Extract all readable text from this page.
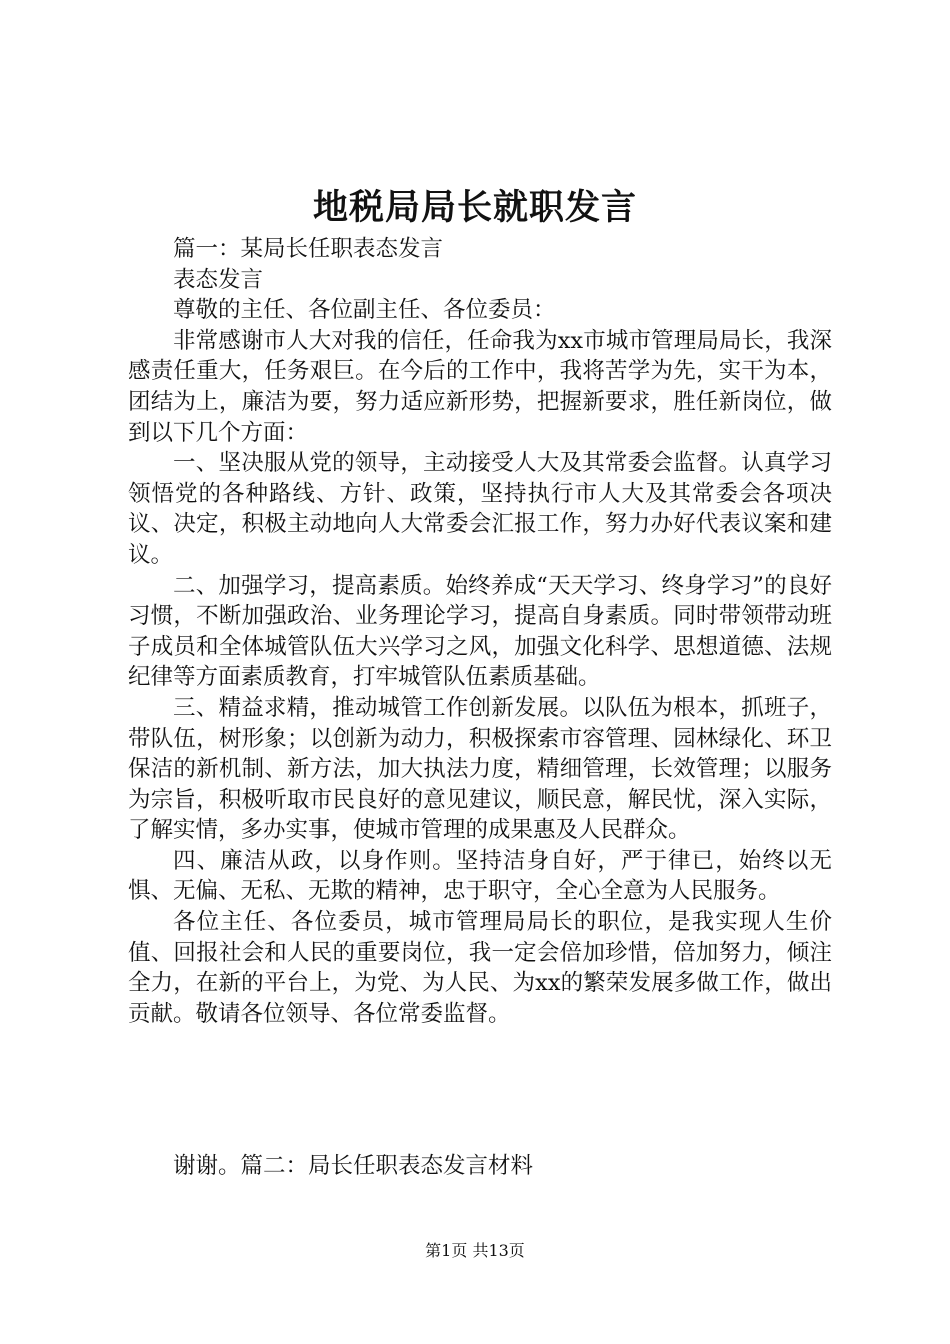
地税局局长就职发言

篇一：某局长任职表态发言

表态发言

尊敬的主任、各位副主任、各位委员：

非常感谢市人大对我的信任，任命我为xx市城市管理局局长，我深感责任重大，任务艰巨。在今后的工作中，我将苦学为先，实干为本，团结为上，廉洁为要，努力适应新形势，把握新要求，胜任新岗位，做到以下几个方面：

一、坚决服从党的领导，主动接受人大及其常委会监督。认真学习领悟党的各种路线、方针、政策，坚持执行市人大及其常委会各项决议、决定，积极主动地向人大常委会汇报工作，努力办好代表议案和建议。

二、加强学习，提高素质。始终养成“天天学习、终身学习”的良好习惯，不断加强政治、业务理论学习，提高自身素质。同时带领带动班子成员和全体城管队伍大兴学习之风，加强文化科学、思想道德、法规纪律等方面素质教育，打牢城管队伍素质基础。

三、精益求精，推动城管工作创新发展。以队伍为根本，抓班子，带队伍，树形象；以创新为动力，积极探索市容管理、园林绿化、环卫保洁的新机制、新方法，加大执法力度，精细管理，长效管理；以服务为宗旨，积极听取市民良好的意见建议，顺民意，解民忧，深入实际，了解实情，多办实事，使城市管理的成果惠及人民群众。

四、廉洁从政，以身作则。坚持洁身自好，严于律已，始终以无惧、无偏、无私、无欺的精神，忠于职守，全心全意为人民服务。

各位主任、各位委员，城市管理局局长的职位，是我实现人生价值、回报社会和人民的重要岗位，我一定会倍加珍惜，倍加努力，倾注全力，在新的平台上，为党、为人民、为xx的繁荣发展多做工作，做出贡献。敬请各位领导、各位常委监督。

谢谢。篇二：局长任职表态发言材料

第1页 共13页
